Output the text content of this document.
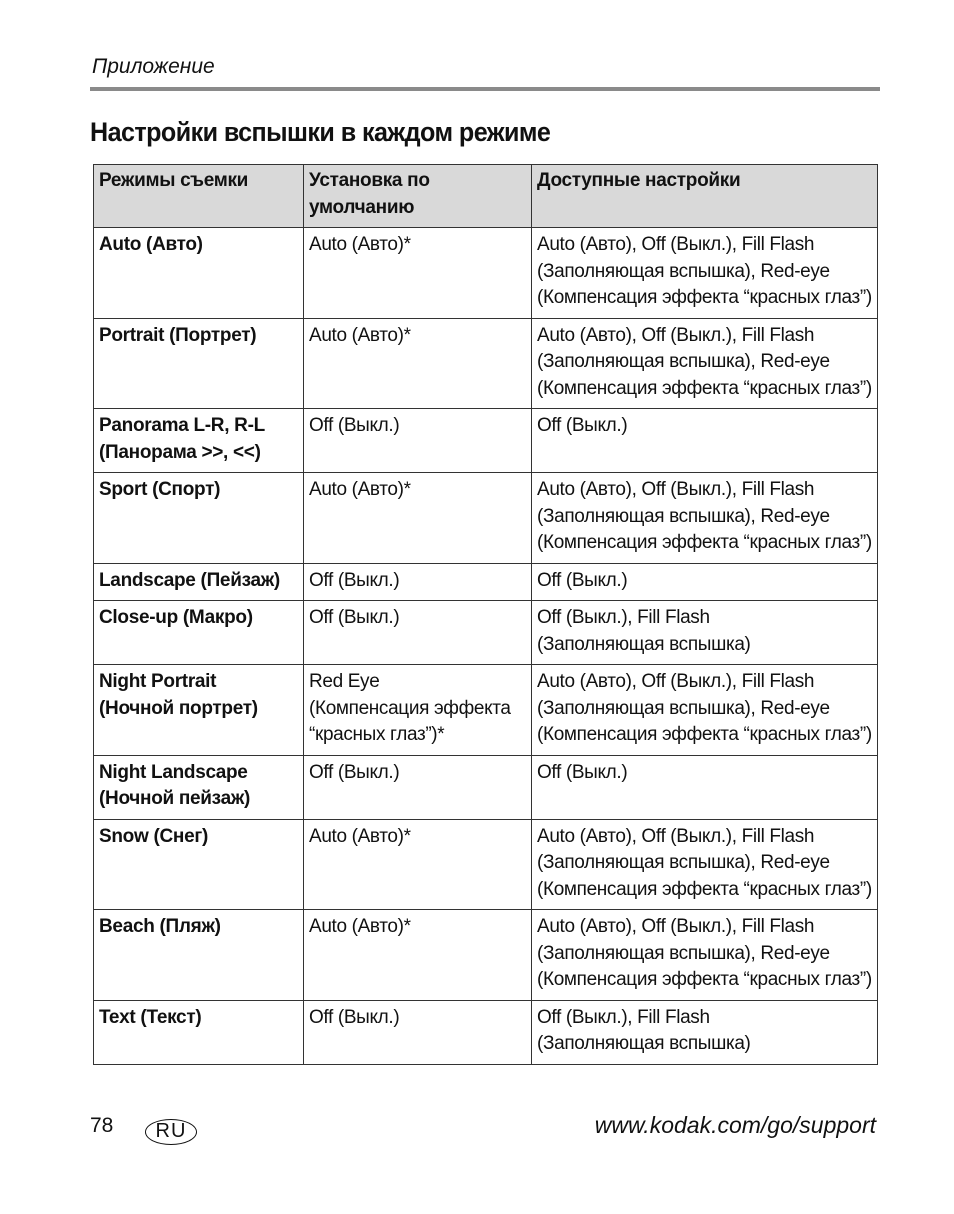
Приложение
Настройки вспышки в каждом режиме
Режимы съемки	Установка по
умолчанию	Доступные настройки

Auto (Авто)	Auto (Авто)*	Auto (Авто), Off (Выкл.), Fill Flash
(Заполняющая вспышка), Red-eye
(Компенсация эффекта “красных глаз”)

Portrait (Портрет)	Auto (Авто)*	Auto (Авто), Off (Выкл.), Fill Flash
(Заполняющая вспышка), Red-eye
(Компенсация эффекта “красных глаз”)

Panorama L-R, R-L
(Панорама >>, <<)	Off (Выкл.)	Off (Выкл.)

Sport (Спорт)	Auto (Авто)*	Auto (Авто), Off (Выкл.), Fill Flash
(Заполняющая вспышка), Red-eye
(Компенсация эффекта “красных глаз”)

Landscape (Пейзаж)	Off (Выкл.)	Off (Выкл.)

Close-up (Макро)	Off (Выкл.)	Off (Выкл.), Fill Flash
(Заполняющая вспышка)

Night Portrait
(Ночной портрет)	Red Eye
(Компенсация эффекта
“красных глаз”)*	Auto (Авто), Off (Выкл.), Fill Flash
(Заполняющая вспышка), Red-eye
(Компенсация эффекта “красных глаз”)

Night Landscape
(Ночной пейзаж)	Off (Выкл.)	Off (Выкл.)

Snow (Снег)	Auto (Авто)*	Auto (Авто), Off (Выкл.), Fill Flash
(Заполняющая вспышка), Red-eye
(Компенсация эффекта “красных глаз”)

Beach (Пляж)	Auto (Авто)*	Auto (Авто), Off (Выкл.), Fill Flash
(Заполняющая вспышка), Red-eye
(Компенсация эффекта “красных глаз”)

Text (Текст)	Off (Выкл.)	Off (Выкл.), Fill Flash
(Заполняющая вспышка)
78	RU	www.kodak.com/go/support
